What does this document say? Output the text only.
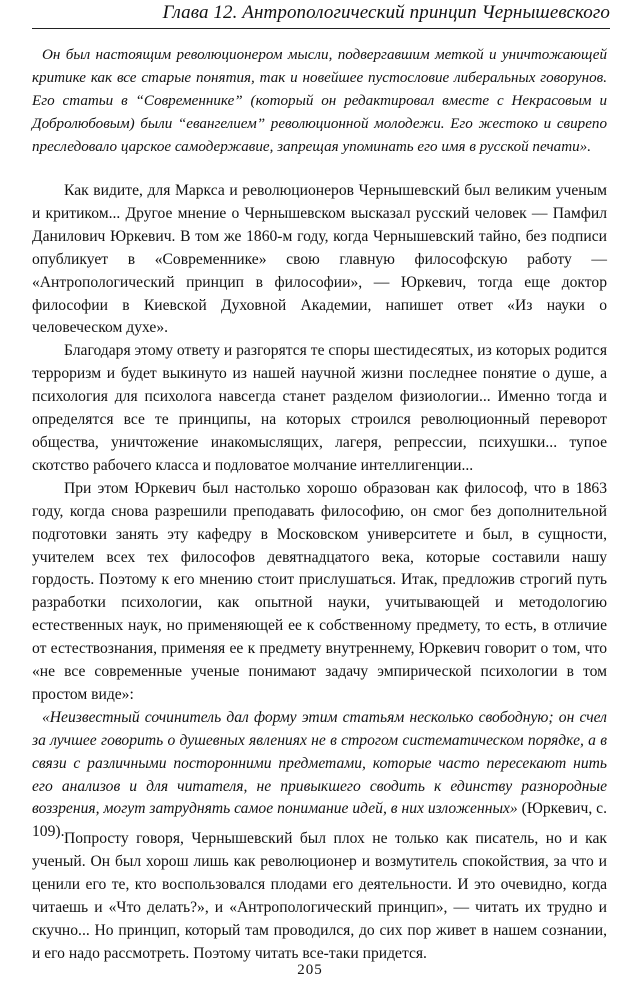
Глава 12. Антропологический принцип Чернышевского

Он был настоящим революционером мысли, подвергавшим меткой и уничтожающей критике как все старые понятия, так и новейшее пустословие либеральных говорунов. Его статьи в “Современнике” (который он редактировал вместе с Некрасовым и Добролюбовым) были “евангелием” революционной молодежи. Его жестоко и свирепо преследовало царское самодержавие, запрещая упоминать его имя в русской печати».

Как видите, для Маркса и революционеров Чернышевский был великим ученым и критиком... Другое мнение о Чернышевском высказал русский человек — Памфил Данилович Юркевич. В том же 1860-м году, когда Чернышевский тайно, без подписи опубликует в «Современнике» свою главную философскую работу — «Антропологический принцип в философии», — Юркевич, тогда еще доктор философии в Киевской Духовной Академии, напишет ответ «Из науки о человеческом духе».

Благодаря этому ответу и разгорятся те споры шестидесятых, из которых родится терроризм и будет выкинуто из нашей научной жизни последнее понятие о душе, а психология для психолога навсегда станет разделом физиологии... Именно тогда и определятся все те принципы, на которых строился революционный переворот общества, уничтожение инакомыслящих, лагеря, репрессии, психушки... тупое скотство рабочего класса и подловатое молчание интеллигенции...

При этом Юркевич был настолько хорошо образован как философ, что в 1863 году, когда снова разрешили преподавать философию, он смог без дополнительной подготовки занять эту кафедру в Московском университете и был, в сущности, учителем всех тех философов девятнадцатого века, которые составили нашу гордость. Поэтому к его мнению стоит прислушаться. Итак, предложив строгий путь разработки психологии, как опытной науки, учитывающей и методологию естественных наук, но применяющей ее к собственному предмету, то есть, в отличие от естествознания, применяя ее к предмету внутреннему, Юркевич говорит о том, что «не все современные ученые понимают задачу эмпирической психологии в том простом виде»:

«Неизвестный сочинитель дал форму этим статьям несколько свободную; он счел за лучшее говорить о душевных явлениях не в строгом систематическом порядке, а в связи с различными посторонними предметами, которые часто пересекают нить его анализов и для читателя, не привыкшего сводить к единству разнородные воззрения, могут затруднять самое понимание идей, в них изложенных» (Юркевич, с. 109). Попросту говоря, Чернышевский был плох не только как писатель, но и как ученый. Он был хорош лишь как революционер и возмутитель спокойствия, за что и ценили его те, кто воспользовался плодами его деятельности. И это очевидно, когда читаешь и «Что делать?», и «Антропологический принцип», — читать их трудно и скучно... Но принцип, который там проводился, до сих пор живет в нашем сознании, и его надо рассмотреть. Поэтому читать все-таки придется.

205
